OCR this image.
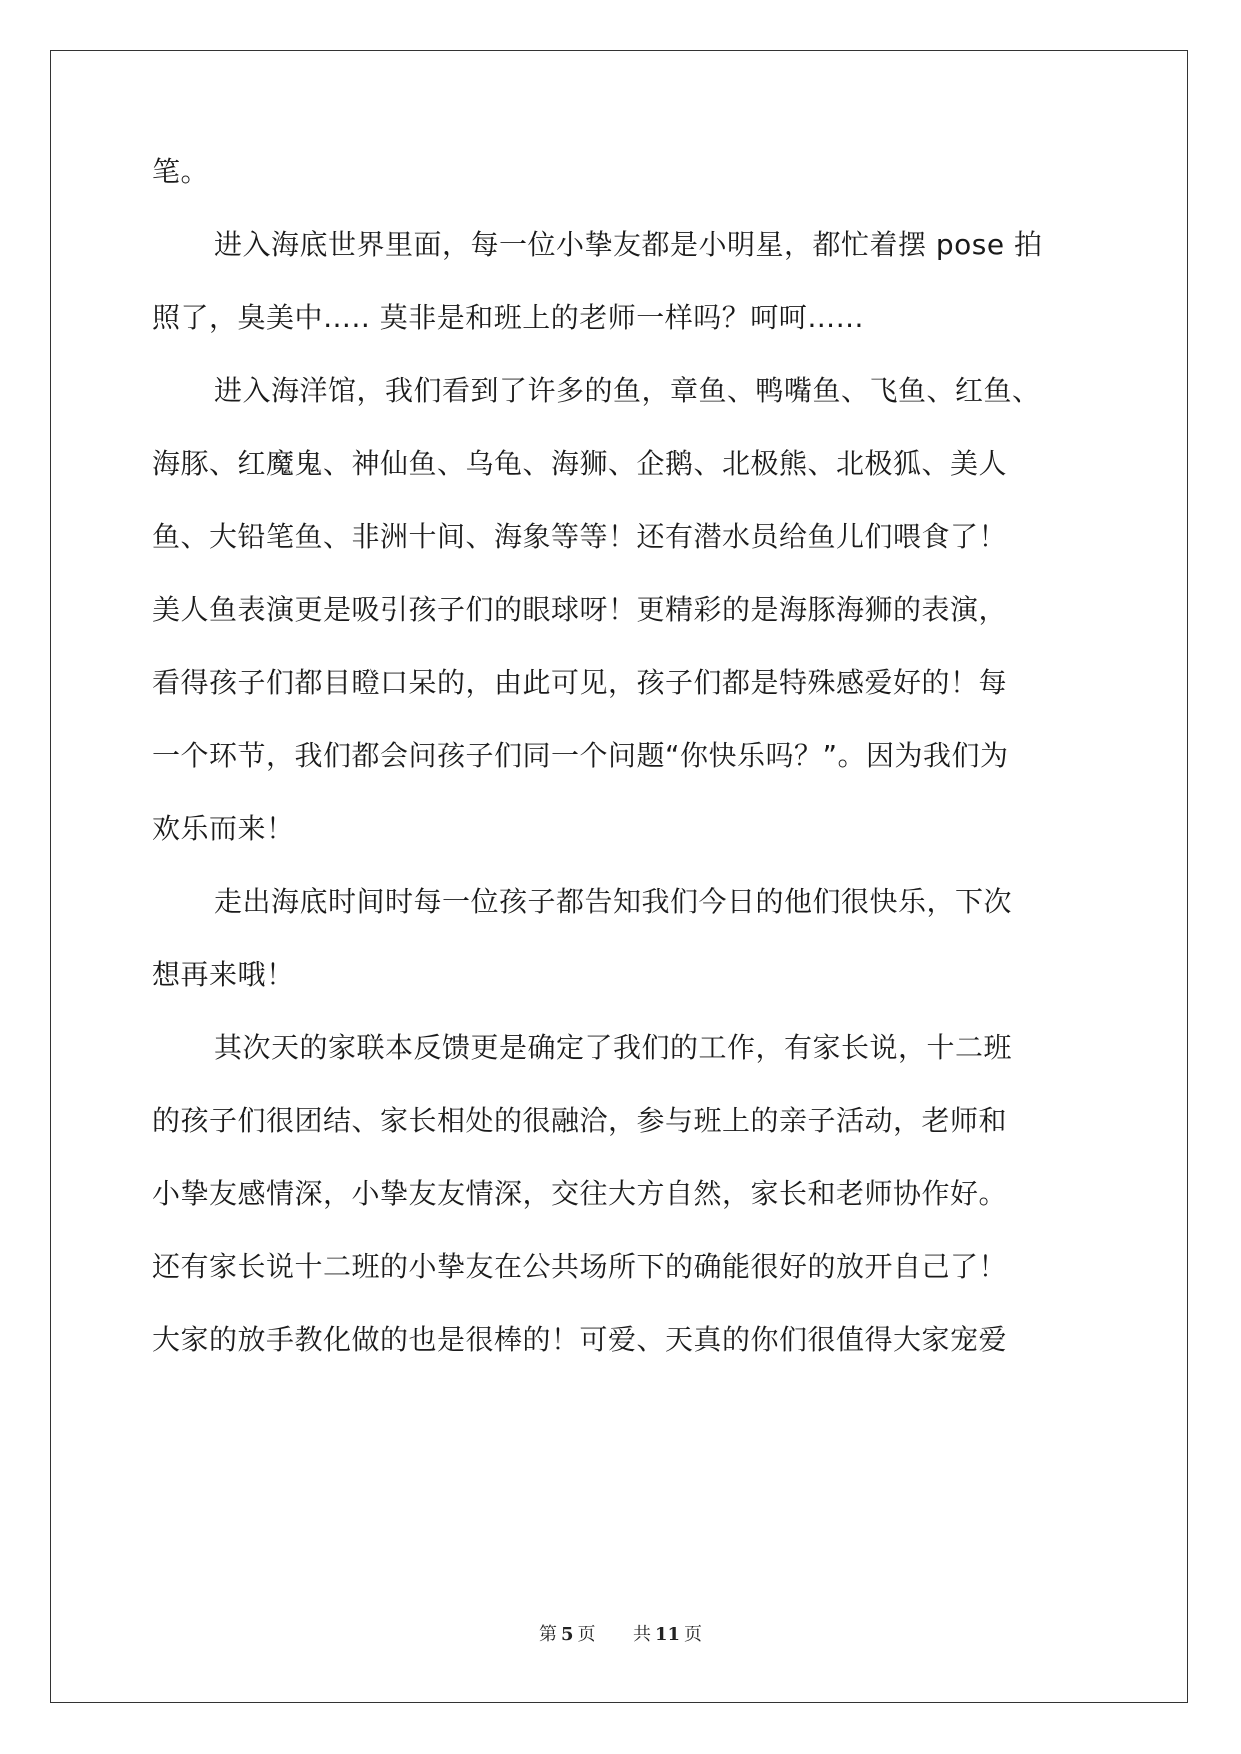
笔。
进入海底世界里面，每一位小挚友都是小明星，都忙着摆 pose 拍
照了，臭美中….. 莫非是和班上的老师一样吗？呵呵…...
进入海洋馆，我们看到了许多的鱼，章鱼、鸭嘴鱼、飞鱼、红鱼、
海豚、红魔鬼、神仙鱼、乌龟、海狮、企鹅、北极熊、北极狐、美人
鱼、大铅笔鱼、非洲十间、海象等等！还有潜水员给鱼儿们喂食了！
美人鱼表演更是吸引孩子们的眼球呀！更精彩的是海豚海狮的表演，
看得孩子们都目瞪口呆的，由此可见，孩子们都是特殊感爱好的！每
一个环节，我们都会问孩子们同一个问题“你快乐吗？”。因为我们为
欢乐而来！
走出海底时间时每一位孩子都告知我们今日的他们很快乐，下次
想再来哦！
其次天的家联本反馈更是确定了我们的工作，有家长说，十二班
的孩子们很团结、家长相处的很融洽，参与班上的亲子活动，老师和
小挚友感情深，小挚友友情深，交往大方自然，家长和老师协作好。
还有家长说十二班的小挚友在公共场所下的确能很好的放开自己了！
大家的放手教化做的也是很棒的！可爱、天真的你们很值得大家宠爱
第 5 页 共 11 页
